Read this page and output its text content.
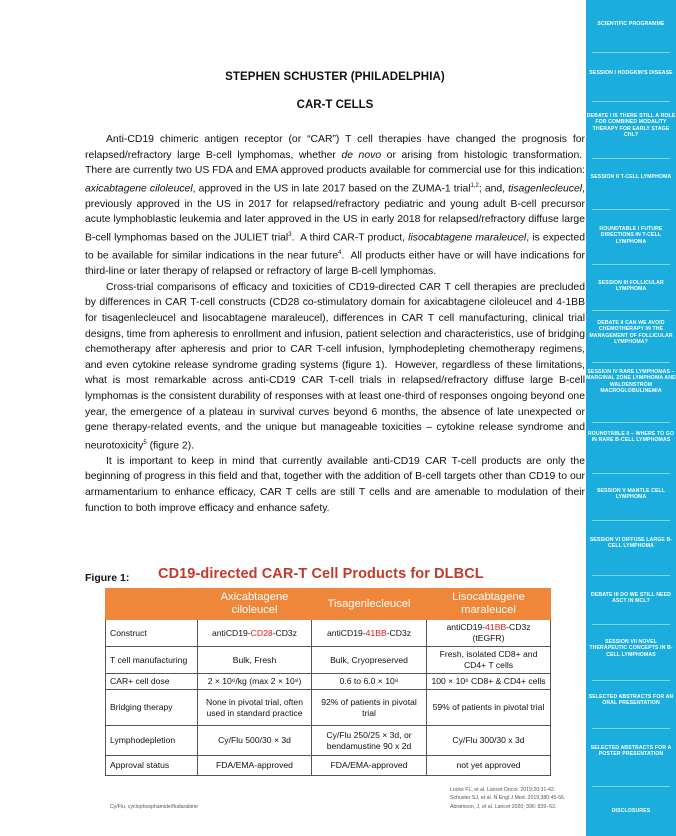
STEPHEN SCHUSTER (PHILADELPHIA)
CAR-T CELLS

Anti-CD19 chimeric antigen receptor (or “CAR”) T cell therapies have changed the prognosis for relapsed/refractory large B-cell lymphomas, whether de novo or arising from histologic transformation.  There are currently two US FDA and EMA approved products available for commercial use for this indication: axicabtagene ciloleucel, approved in the US in late 2017 based on the ZUMA-1 trial$^{1,2}$; and, tisagenlecleucel, previously approved in the US in 2017 for relapsed/refractory pediatric and young adult B-cell precursor acute lymphoblastic leukemia and later approved in the US in early 2018 for relapsed/refractory diffuse large B-cell lymphomas based on the JULIET trial$^3$.  A third CAR-T product, lisocabtagene maraleucel, is expected to be available for similar indications in the near future$^4$.  All products either have or will have indications for third-line or later therapy of relapsed or refractory of large B-cell lymphomas.

Cross-trial comparisons of efficacy and toxicities of CD19-directed CAR T cell therapies are precluded by differences in CAR T-cell constructs (CD28 co-stimulatory domain for axicabtagene ciloleucel and 4-1BB for tisagenlecleucel and lisocabtagene maraleucel), differences in CAR T cell manufacturing, clinical trial designs, time from apheresis to enrollment and infusion, patient selection and characteristics, use of bridging chemotherapy after apheresis and prior to CAR T-cell infusion, lymphodepleting chemotherapy regimens, and even cytokine release syndrome grading systems (figure 1).  However, regardless of these limitations, what is most remarkable across anti-CD19 CAR T-cell trials in relapsed/refractory diffuse large B-cell lymphomas is the consistent durability of responses with at least one-third of responses ongoing beyond one year, the emergence of a plateau in survival curves beyond 6 months, the absence of late unexpected or gene therapy-related events, and the unique but manageable toxicities – cytokine release syndrome and neurotoxicity$^5$ (figure 2).

It is important to keep in mind that currently available anti-CD19 CAR T-cell products are only the beginning of progress in this field and that, together with the addition of B-cell targets other than CD19 to our armamentarium to enhance efficacy, CAR T cells are still T cells and are amenable to modulation of their function to both improve efficacy and enhance safety.

Figure 1: CD19-directed CAR-T Cell Products for DLBCL
	Axicabtagene ciloleucel	Tisagenlecleucel	Lisocabtagene maraleucel
Construct	antiCD19-CD28-CD3z	antiCD19-41BB-CD3z	antiCD19-41BB-CD3z
(tEGFR)
T cell manufacturing	Bulk, Fresh	Bulk, Cryopreserved	Fresh, isolated CD8+ and CD4+ T cells
CAR+ cell dose	2 × 10⁶/kg (max 2 × 10⁸)	0.6 to 6.0 × 10⁸	100 × 10⁶ CD8+ & CD4+ cells
Bridging therapy	None in pivotal trial, often used in standard practice	92% of patients in pivotal trial	59% of patients in pivotal trial
Lymphodepletion	Cy/Flu 500/30 × 3d	Cy/Flu 250/25 × 3d, or bendamustine 90 x 2d	Cy/Flu 300/30 x 3d
Approval status	FDA/EMA-approved	FDA/EMA-approved	not yet approved
Cy/Flu, cyclophosphamide/fludarabine
Locke FL, et al. Lancet Oncol. 2019;20:31-42.
Schuster SJ, et al. N Engl J Med. 2019;380:45-56.
Abramson, J, et al. Lancet 2020; 396: 839–52.
SCIENTIFIC PROGRAMME
SESSION I HODGKIN'S DISEASE
DEBATE I IS THERE STILL A ROLE FOR COMBINED MODALITY THERAPY FOR EARLY STAGE CHL?
SESSION II T-CELL LYMPHOMA
ROUNDTABLE I FUTURE DIRECTIONS IN T-CELL LYMPHOMA
SESSION III FOLLICULAR LYMPHOMA
DEBATE II CAN WE AVOID CHEMOTHERAPY IN THE MANAGEMENT OF FOLLICULAR LYMPHOMA?
SESSION IV RARE LYMPHOMAS – MARGINAL ZONE LYMPHOMA AND WALDENSTRÖM MACROGLOBULINEMIA
ROUNDTABLE II – WHERE TO GO IN RARE B-CELL LYMPHOMAS
SESSION V MANTLE CELL LYMPHOMA
SESSION VI DIFFUSE LARGE B-CELL LYMPHOMA
DEBATE III DO WE STILL NEED ASCT IN MCL?
SESSION VII NOVEL THERAPEUTIC CONCEPTS IN B-CELL LYMPHOMAS
SELECTED ABSTRACTS FOR AN ORAL PRESENTATION
SELECTED ABSTRACTS FOR A POSTER PRESENTATION
DISCLOSURES
